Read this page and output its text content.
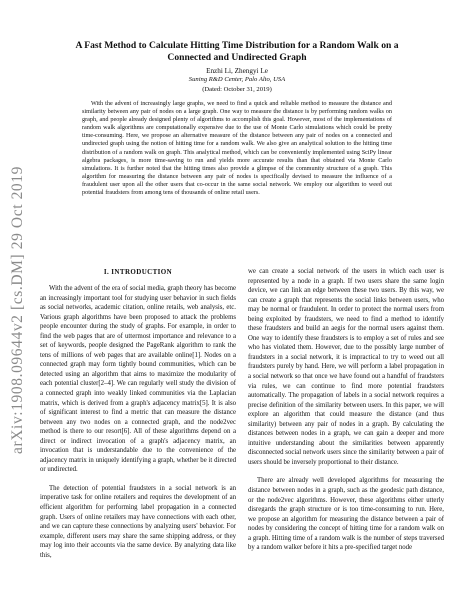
arXiv:1908.09644v2 [cs.DM] 29 Oct 2019
A Fast Method to Calculate Hitting Time Distribution for a Random Walk on a
Connected and Undirected Graph
Enzhi Li, Zhengyi Le
Suning R&D Center, Palo Alto, USA
(Dated: October 31, 2019)

With the advent of increasingly large graphs, we need to find a quick and reliable method to measure the distance and similarity between any pair of nodes on a large graph. One way to measure the distance is by performing random walks on graph, and people already designed plenty of algorithms to accomplish this goal. However, most of the implementations of random walk algorithms are computationally expensive due to the use of Monte Carlo simulations which could be pretty time-consuming. Here, we propose an alternative measure of the distance between any pair of nodes on a connected and undirected graph using the notion of hitting time for a random walk. We also give an analytical solution to the hitting time distribution of a random walk on graph. This analytical method, which can be conveniently implemented using SciPy linear algebra packages, is more time-saving to run and yields more accurate results than that obtained via Monte Carlo simulations. It is further noted that the hitting times also provide a glimpse of the community structure of a graph. This algorithm for measuring the distance between any pair of nodes is specifically devised to measure the influence of a fraudulent user upon all the other users that co-occur in the same social network. We employ our algorithm to weed out potential fraudsters from among tens of thousands of online retail users.

I. INTRODUCTION

With the advent of the era of social media, graph theory has become an increasingly important tool for studying user behavior in such fields as social networks, academic citation, online retails, web analysis, etc. Various graph algorithms have been proposed to attack the problems people encounter during the study of graphs. For example, in order to find the web pages that are of uttermost importance and relevance to a set of keywords, people designed the PageRank algorithm to rank the tens of millions of web pages that are available online[1]. Nodes on a connected graph may form tightly bound communities, which can be detected using an algorithm that aims to maximize the modularity of each potential cluster[2–4]. We can regularly well study the division of a connected graph into weakly linked communities via the Laplacian matrix, which is derived from a graph's adjacency matrix[5]. It is also of significant interest to find a metric that can measure the distance between any two nodes on a connected graph, and the node2vec method is there to our resort[6]. All of these algorithms depend on a direct or indirect invocation of a graph's adjacency matrix, an invocation that is understandable due to the convenience of the adjacency matrix in uniquely identifying a graph, whether be it directed or undirected.

The detection of potential fraudsters in a social network is an imperative task for online retailers and requires the development of an efficient algorithm for performing label propagation in a connected graph. Users of online retailers may have connections with each other, and we can capture these connections by analyzing users' behavior. For example, different users may share the same shipping address, or they may log into their accounts via the same device. By analyzing data like this,

we can create a social network of the users in which each user is represented by a node in a graph. If two users share the same login device, we can link an edge between these two users. By this way, we can create a graph that represents the social links between users, who may be normal or fraudulent. In order to protect the normal users from being exploited by fraudsters, we need to find a method to identify these fraudsters and build an aegis for the normal users against them. One way to identify these fraudsters is to employ a set of rules and see who has violated them. However, due to the possibly large number of fraudsters in a social network, it is impractical to try to weed out all fraudsters purely by hand. Here, we will perform a label propagation in a social network so that once we have found out a handful of fraudsters via rules, we can continue to find more potential fraudsters automatically. The propagation of labels in a social network requires a precise definition of the similarity between users. In this paper, we will explore an algorithm that could measure the distance (and thus similarity) between any pair of nodes in a graph. By calculating the distances between nodes in a graph, we can gain a deeper and more intuitive understanding about the similarities between apparently disconnected social network users since the similarity between a pair of users should be inversely proportional to their distance.

There are already well developed algorithms for measuring the distance between nodes in a graph, such as the geodesic path distance, or the node2vec algorithms. However, these algorithms either utterly disregards the graph structure or is too time-consuming to run. Here, we propose an algorithm for measuring the distance between a pair of nodes by considering the concept of hitting time for a random walk on a graph. Hitting time of a random walk is the number of steps traversed by a random walker before it hits a pre-specified target node
